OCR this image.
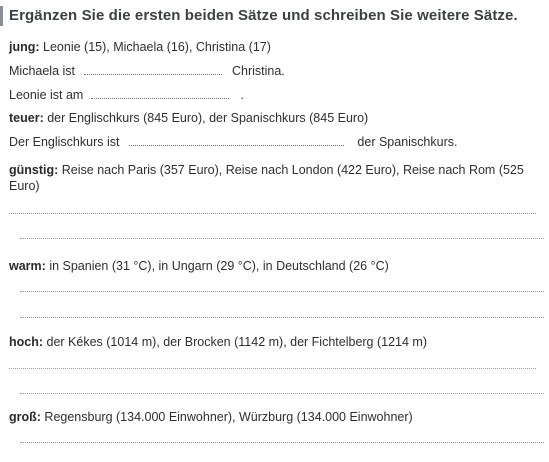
Ergänzen Sie die ersten beiden Sätze und schreiben Sie weitere Sätze.
jung: Leonie (15), Michaela (16), Christina (17)
Michaela ist	Christina.
Leonie ist am	.
teuer: der Englischkurs (845 Euro), der Spanischkurs (845 Euro)
Der Englischkurs ist	der Spanischkurs.
günstig: Reise nach Paris (357 Euro), Reise nach London (422 Euro), Reise nach Rom (525 Euro)
warm: in Spanien (31 °C), in Ungarn (29 °C), in Deutschland (26 °C)
hoch: der Kékes (1014 m), der Brocken (1142 m), der Fichtelberg (1214 m)
groß: Regensburg (134.000 Einwohner), Würzburg (134.000 Einwohner)
